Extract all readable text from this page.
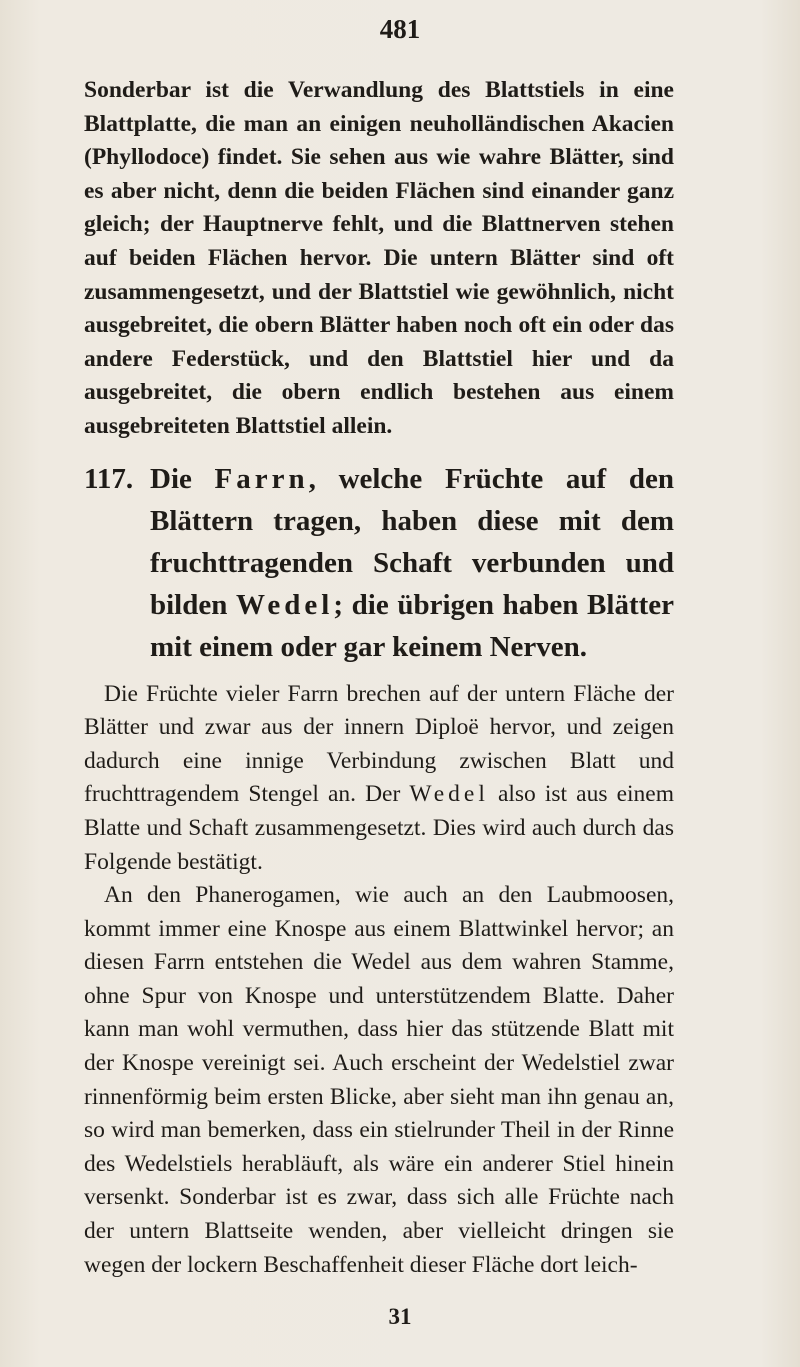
481

Sonderbar ist die Verwandlung des Blattstiels in eine Blattplatte, die man an einigen neuholländischen Akacien (Phyllodoce) findet. Sie sehen aus wie wahre Blätter, sind es aber nicht, denn die beiden Flächen sind einander ganz gleich; der Hauptnerve fehlt, und die Blattnerven stehen auf beiden Flächen hervor. Die untern Blätter sind oft zusammengesetzt, und der Blattstiel wie gewöhnlich, nicht ausgebreitet, die obern Blätter haben noch oft ein oder das andere Federstück, und den Blattstiel hier und da ausgebreitet, die obern endlich bestehen aus einem ausgebreiteten Blattstiel allein.

117. Die Farrn, welche Früchte auf den Blättern tragen, haben diese mit dem fruchttragenden Schaft verbunden und bilden Wedel; die übrigen haben Blätter mit einem oder gar keinem Nerven.

Die Früchte vieler Farrn brechen auf der untern Fläche der Blätter und zwar aus der innern Diploë hervor, und zeigen dadurch eine innige Verbindung zwischen Blatt und fruchttragendem Stengel an. Der Wedel also ist aus einem Blatte und Schaft zusammengesetzt. Dies wird auch durch das Folgende bestätigt.

An den Phanerogamen, wie auch an den Laubmoosen, kommt immer eine Knospe aus einem Blattwinkel hervor; an diesen Farrn entstehen die Wedel aus dem wahren Stamme, ohne Spur von Knospe und unterstützendem Blatte. Daher kann man wohl vermuthen, dass hier das stützende Blatt mit der Knospe vereinigt sei. Auch erscheint der Wedelstiel zwar rinnenförmig beim ersten Blicke, aber sieht man ihn genau an, so wird man bemerken, dass ein stielrunder Theil in der Rinne des Wedelstiels herabläuft, als wäre ein anderer Stiel hinein versenkt. Sonderbar ist es zwar, dass sich alle Früchte nach der untern Blattseite wenden, aber vielleicht dringen sie wegen der lockern Beschaffenheit dieser Fläche dort leich-

31
